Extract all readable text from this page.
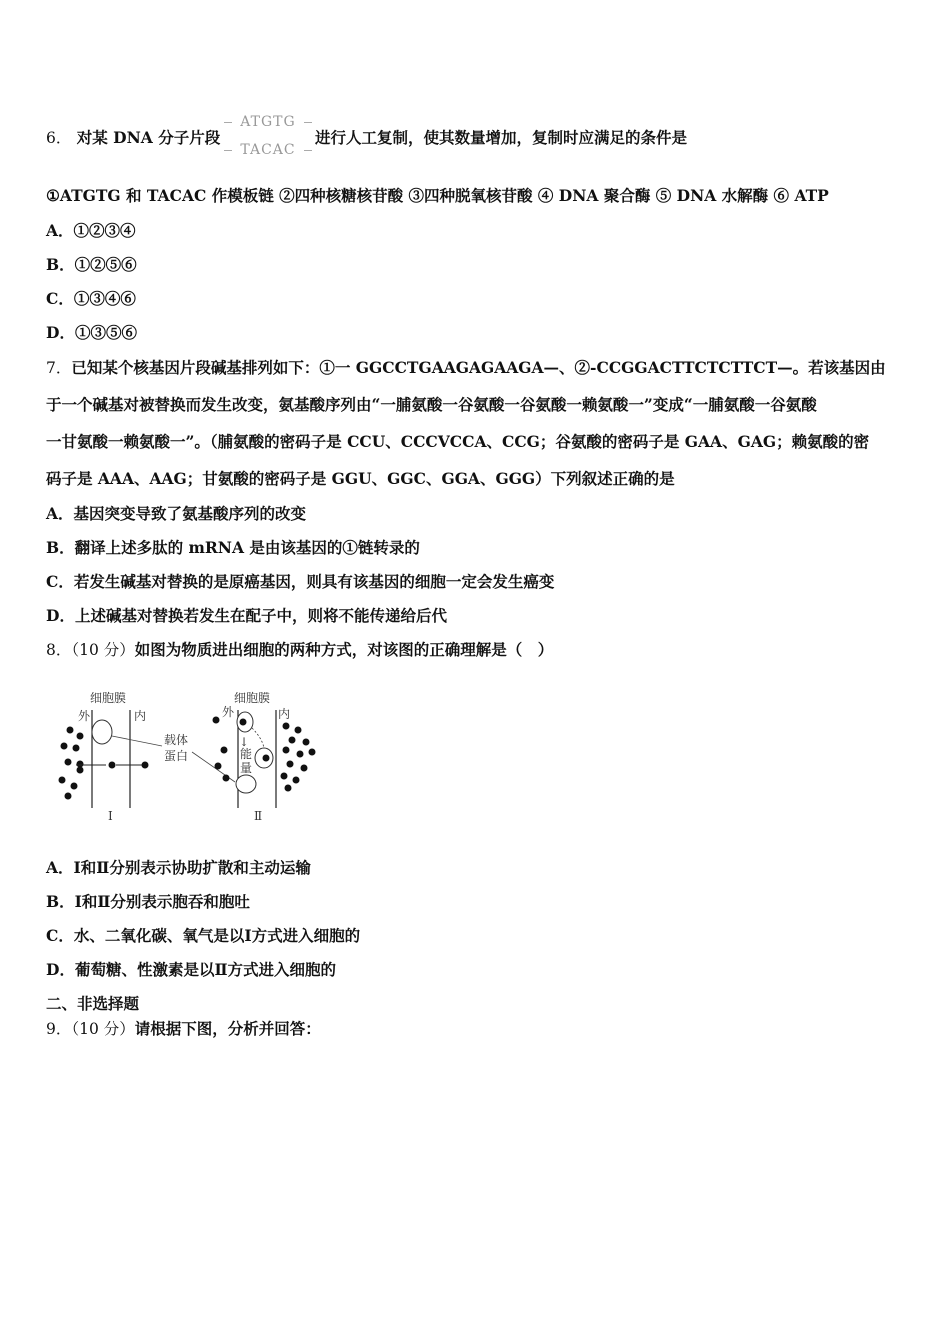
6． 对某 DNA 分子片段
ATGTG
TACAC
进行人工复制，使其数量增加，复制时应满足的条件是
①ATGTG 和 TACAC 作模板链 ②四种核糖核苷酸 ③四种脱氧核苷酸 ④ DNA 聚合酶 ⑤ DNA 水解酶 ⑥ ATP
A．①②③④
B．①②⑤⑥
C．①③④⑥
D．①③⑤⑥
7．已知某个核基因片段碱基排列如下：①一 GGCCTGAAGAGAAGA—、②-CCGGACTTCTCTTCT—。若该基因由
于一个碱基对被替换而发生改变，氨基酸序列由“一脯氨酸一谷氨酸一谷氨酸一赖氨酸一”变成“一脯氨酸一谷氨酸
一甘氨酸一赖氨酸一”。（脯氨酸的密码子是 CCU、CCCVCCA、CCG；谷氨酸的密码子是 GAA、GAG；赖氨酸的密
码子是 AAA、AAG；甘氨酸的密码子是 GGU、GGC、GGA、GGG）下列叙述正确的是
A．基因突变导致了氨基酸序列的改变
B．翻译上述多肽的 mRNA 是由该基因的①链转录的
C．若发生碱基对替换的是原癌基因，则具有该基因的细胞一定会发生癌变
D．上述碱基对替换若发生在配子中，则将不能传递给后代
8．（10 分）如图为物质进出细胞的两种方式，对该图的正确理解是（　）
细胞膜
外	内
Ⅰ
载体
蛋白
细胞膜
外	内
↓
能
量
Ⅱ
A．Ⅰ和Ⅱ分别表示协助扩散和主动运输
B．Ⅰ和Ⅱ分别表示胞吞和胞吐
C．水、二氧化碳、氧气是以Ⅰ方式进入细胞的
D．葡萄糖、性激素是以Ⅱ方式进入细胞的
二、非选择题
9．（10 分）请根据下图，分析并回答：
